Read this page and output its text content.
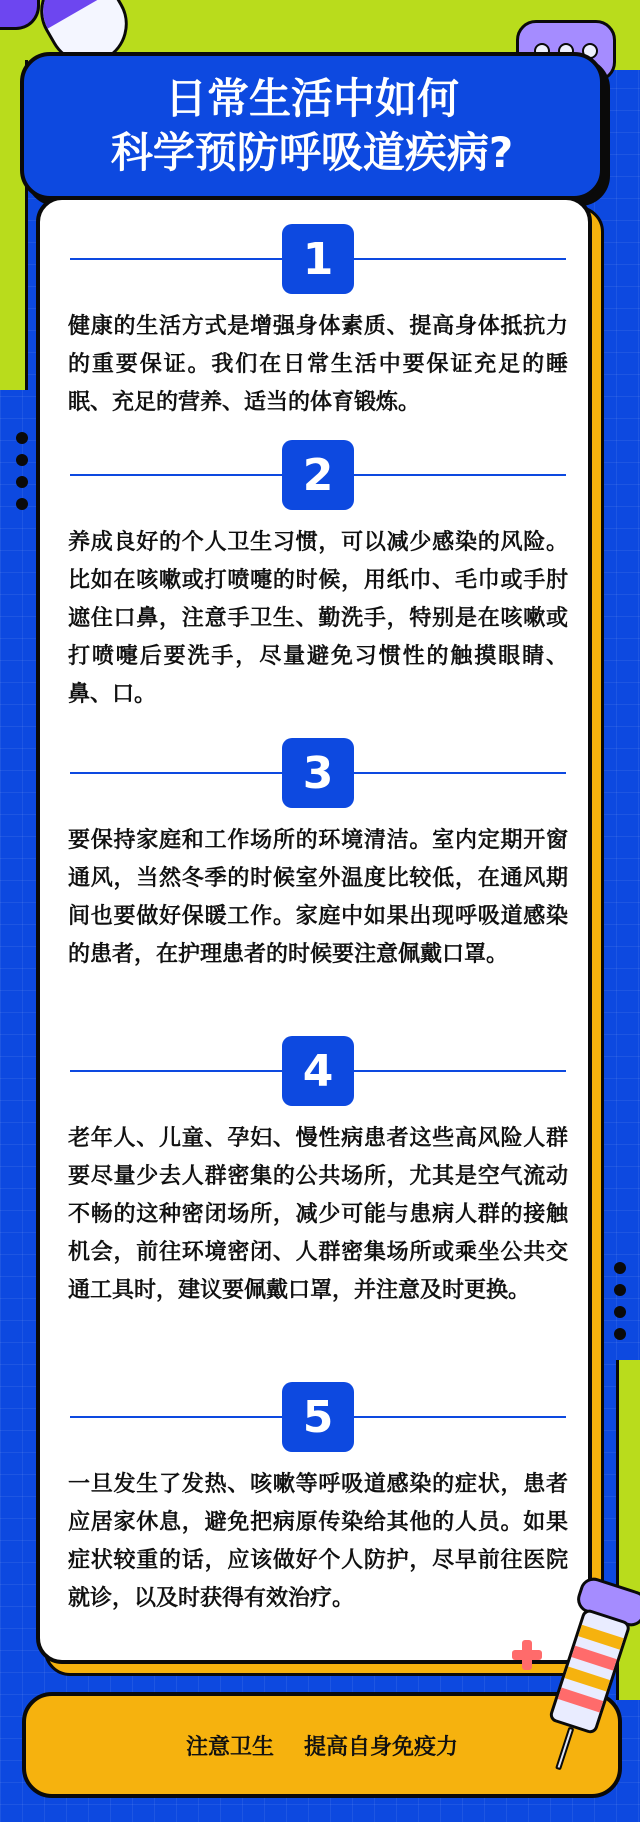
日常生活中如何
科学预防呼吸道疾病?
1
健康的生活方式是增强身体素质、提高身体抵抗力的重要保证。我们在日常生活中要保证充足的睡眠、充足的营养、适当的体育锻炼。
2
养成良好的个人卫生习惯，可以减少感染的风险。比如在咳嗽或打喷嚏的时候，用纸巾、毛巾或手肘遮住口鼻，注意手卫生、勤洗手，特别是在咳嗽或打喷嚏后要洗手，尽量避免习惯性的触摸眼睛、鼻、口。
3
要保持家庭和工作场所的环境清洁。室内定期开窗通风，当然冬季的时候室外温度比较低，在通风期间也要做好保暖工作。家庭中如果出现呼吸道感染的患者，在护理患者的时候要注意佩戴口罩。
4
老年人、儿童、孕妇、慢性病患者这些高风险人群要尽量少去人群密集的公共场所，尤其是空气流动不畅的这种密闭场所，减少可能与患病人群的接触机会，前往环境密闭、人群密集场所或乘坐公共交通工具时，建议要佩戴口罩，并注意及时更换。
5
一旦发生了发热、咳嗽等呼吸道感染的症状，患者应居家休息，避免把病原传染给其他的人员。如果症状较重的话，应该做好个人防护，尽早前往医院就诊，以及时获得有效治疗。
注意卫生 提高自身免疫力
